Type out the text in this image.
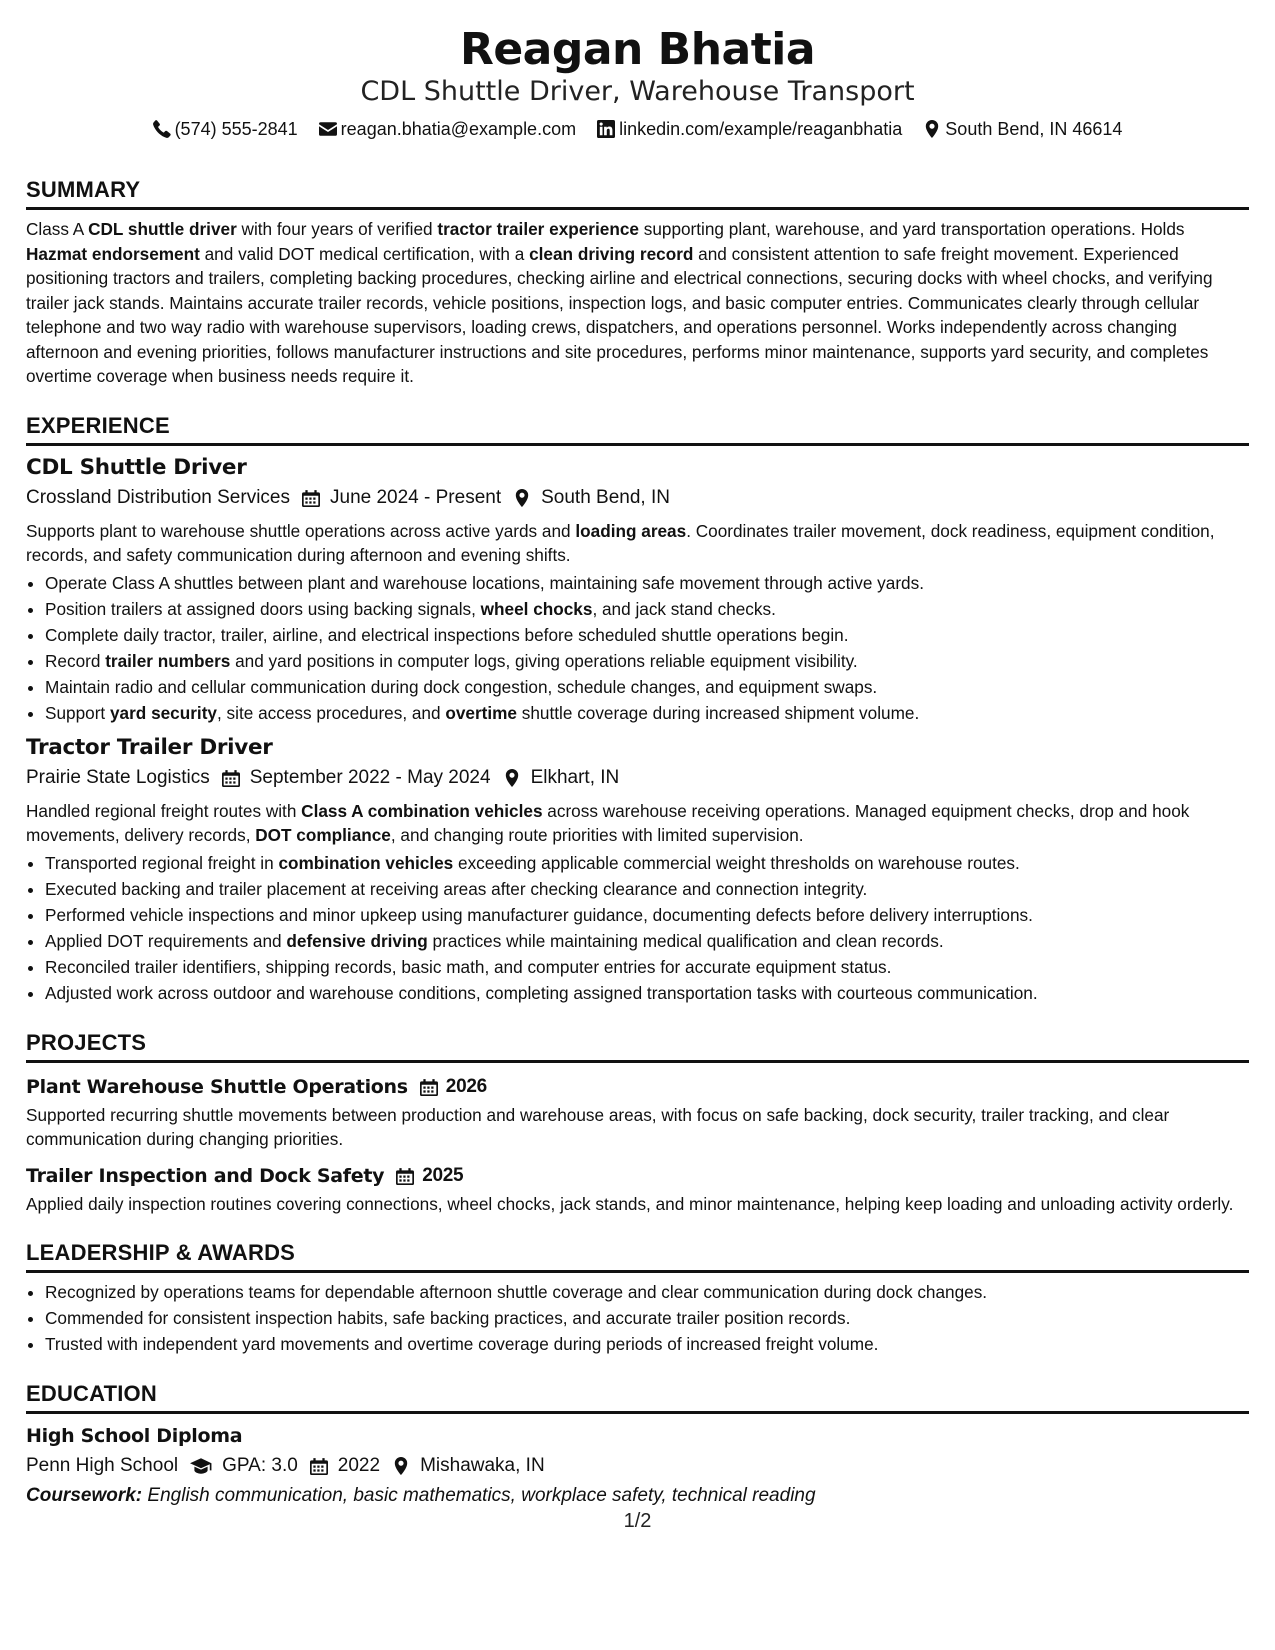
Reagan Bhatia
CDL Shuttle Driver, Warehouse Transport
(574) 555-2841
reagan.bhatia@example.com
linkedin.com/example/reaganbhatia
South Bend, IN 46614
SUMMARY
Class A CDL shuttle driver with four years of verified tractor trailer experience supporting plant, warehouse, and yard transportation operations. Holds Hazmat endorsement and valid DOT medical certification, with a clean driving record and consistent attention to safe freight movement. Experienced positioning tractors and trailers, completing backing procedures, checking airline and electrical connections, securing docks with wheel chocks, and verifying trailer jack stands. Maintains accurate trailer records, vehicle positions, inspection logs, and basic computer entries. Communicates clearly through cellular telephone and two way radio with warehouse supervisors, loading crews, dispatchers, and operations personnel. Works independently across changing afternoon and evening priorities, follows manufacturer instructions and site procedures, performs minor maintenance, supports yard security, and completes overtime coverage when business needs require it.
EXPERIENCE
CDL Shuttle Driver
Crossland Distribution Services June 2024 - Present South Bend, IN
Supports plant to warehouse shuttle operations across active yards and loading areas. Coordinates trailer movement, dock readiness, equipment condition, records, and safety communication during afternoon and evening shifts.
• Operate Class A shuttles between plant and warehouse locations, maintaining safe movement through active yards.
• Position trailers at assigned doors using backing signals, wheel chocks, and jack stand checks.
• Complete daily tractor, trailer, airline, and electrical inspections before scheduled shuttle operations begin.
• Record trailer numbers and yard positions in computer logs, giving operations reliable equipment visibility.
• Maintain radio and cellular communication during dock congestion, schedule changes, and equipment swaps.
• Support yard security, site access procedures, and overtime shuttle coverage during increased shipment volume.
Tractor Trailer Driver
Prairie State Logistics September 2022 - May 2024 Elkhart, IN
Handled regional freight routes with Class A combination vehicles across warehouse receiving operations. Managed equipment checks, drop and hook movements, delivery records, DOT compliance, and changing route priorities with limited supervision.
• Transported regional freight in combination vehicles exceeding applicable commercial weight thresholds on warehouse routes.
• Executed backing and trailer placement at receiving areas after checking clearance and connection integrity.
• Performed vehicle inspections and minor upkeep using manufacturer guidance, documenting defects before delivery interruptions.
• Applied DOT requirements and defensive driving practices while maintaining medical qualification and clean records.
• Reconciled trailer identifiers, shipping records, basic math, and computer entries for accurate equipment status.
• Adjusted work across outdoor and warehouse conditions, completing assigned transportation tasks with courteous communication.
PROJECTS
Plant Warehouse Shuttle Operations 2026
Supported recurring shuttle movements between production and warehouse areas, with focus on safe backing, dock security, trailer tracking, and clear communication during changing priorities.
Trailer Inspection and Dock Safety 2025
Applied daily inspection routines covering connections, wheel chocks, jack stands, and minor maintenance, helping keep loading and unloading activity orderly.
LEADERSHIP & AWARDS
• Recognized by operations teams for dependable afternoon shuttle coverage and clear communication during dock changes.
• Commended for consistent inspection habits, safe backing practices, and accurate trailer position records.
• Trusted with independent yard movements and overtime coverage during periods of increased freight volume.
EDUCATION
High School Diploma
Penn High School GPA: 3.0 2022 Mishawaka, IN
Coursework: English communication, basic mathematics, workplace safety, technical reading
1/2
